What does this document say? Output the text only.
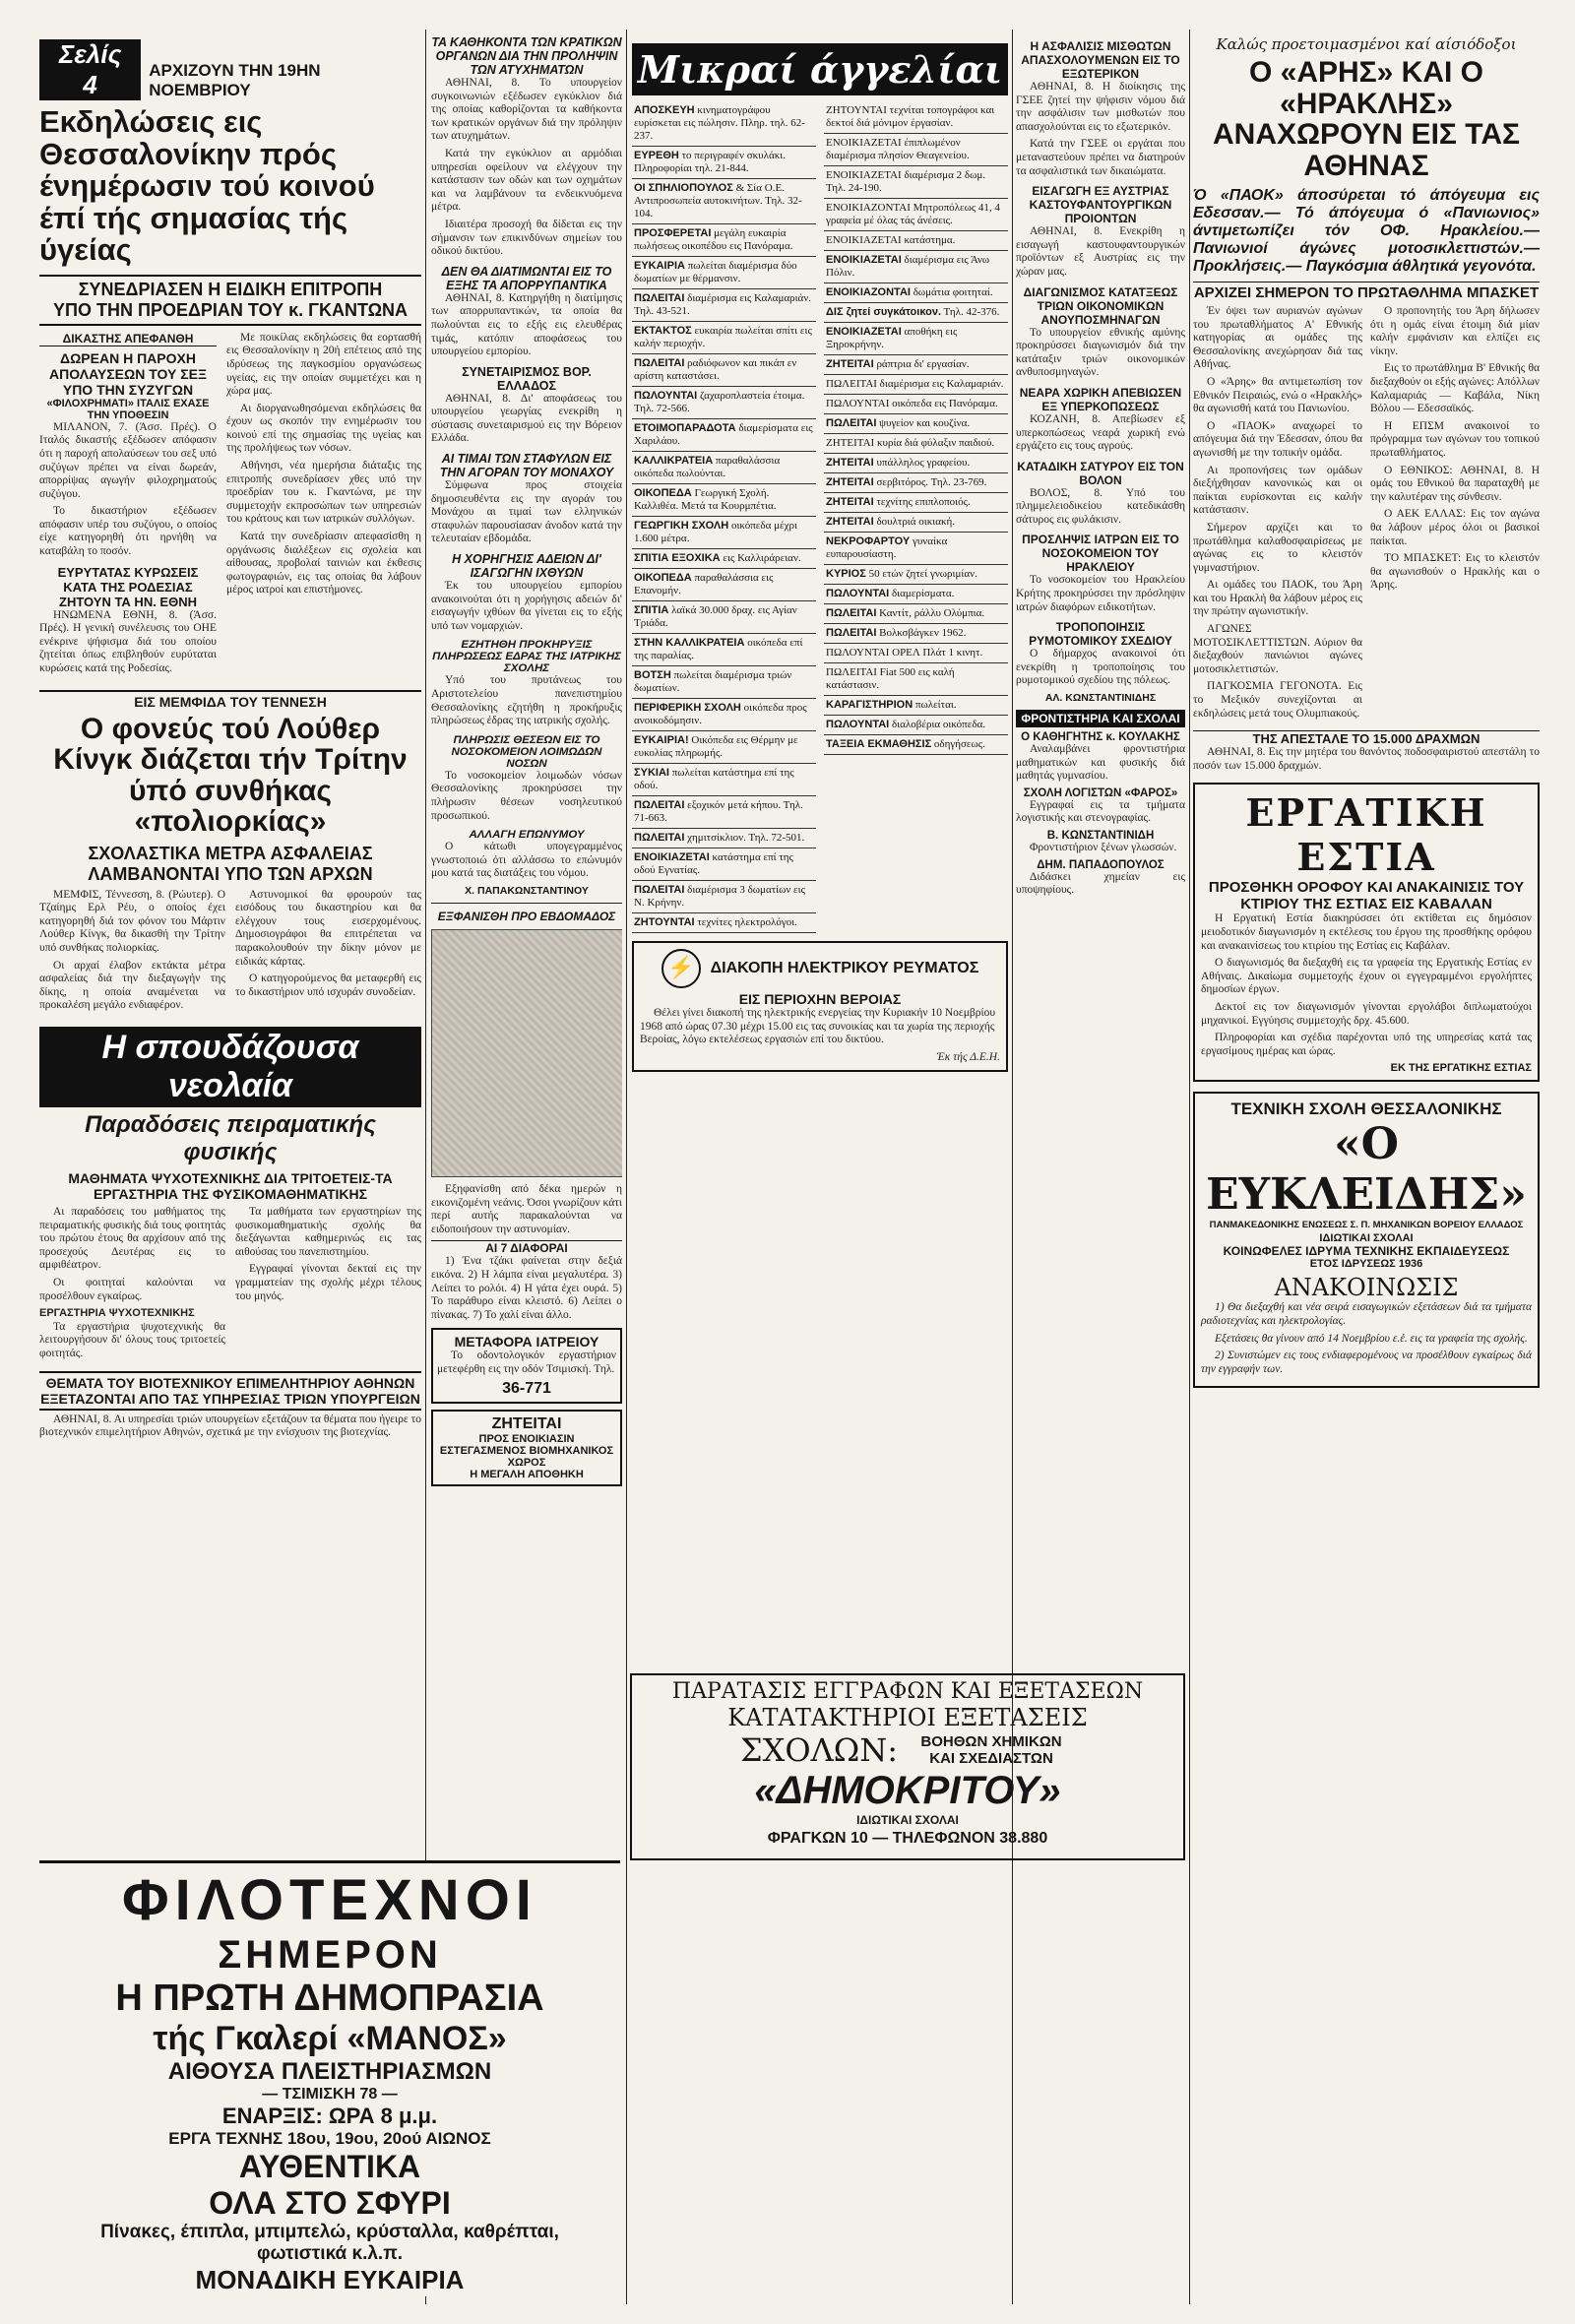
Σελίς 4	ΑΡΧΙΖΟΥΝ ΤΗΝ 19ΗΝ ΝΟΕΜΒΡΙΟΥ
Εκδηλώσεις εις Θεσσαλονίκην πρός ένημέρωσιν τού κοινού έπί τής σημασίας τής ύγείας
ΣΥΝΕΔΡΙΑΣΕΝ Η ΕΙΔΙΚΗ ΕΠΙΤΡΟΠΗ
ΥΠΟ ΤΗΝ ΠΡΟΕΔΡΙΑΝ ΤΟΥ κ. ΓΚΑΝΤΩΝΑ
ΔΙΚΑΣΤΗΣ ΑΠΕΦΑΝΘΗ
ΔΩΡΕΑΝ Η ΠΑΡΟΧΗ ΑΠΟΛΑΥΣΕΩΝ ΤΟΥ ΣΕΞ ΥΠΟ ΤΗΝ ΣΥΖΥΓΩΝ
«ΦΙΛΟΧΡΗΜΑΤΙ» ΙΤΑΛΙΣ ΕΧΑΣΕ ΤΗΝ ΥΠΟΘΕΣΙΝ

ΜΙΛΑΝΟΝ, 7. (Άσσ. Πρές). Ο Ιταλός δικαστής εξέδωσεν απόφασιν ότι η παροχή απολαύσεων του σεξ υπό συζύγων πρέπει να είναι δωρεάν, απορρίψας αγωγήν φιλοχρηματούς συζύγου.

Το δικαστήριον εξέδωσεν απόφασιν υπέρ του συζύγου, ο οποίος είχε κατηγορηθή ότι ηρνήθη να καταβάλη το ποσόν.

ΕΥΡΥΤΑΤΑΣ ΚΥΡΩΣΕΙΣ ΚΑΤΑ ΤΗΣ ΡΟΔΕΣΙΑΣ ΖΗΤΟΥΝ ΤΑ ΗΝ. ΕΘΝΗ

ΗΝΩΜΕΝΑ ΕΘΝΗ, 8. (Άσσ. Πρές). Η γενική συνέλευσις του ΟΗΕ ενέκρινε ψήφισμα διά του οποίου ζητείται όπως επιβληθούν ευρύταται κυρώσεις κατά της Ροδεσίας.

Με ποικίλας εκδηλώσεις θα εορτασθή εις Θεσσαλονίκην η 20ή επέτειος από της ιδρύσεως της παγκοσμίου οργανώσεως υγείας, εις την οποίαν συμμετέχει και η χώρα μας.

Αι διοργανωθησόμεναι εκδηλώσεις θα έχουν ως σκοπόν την ενημέρωσιν του κοινού επί της σημασίας της υγείας και της προλήψεως των νόσων.

Αθήνησι, νέα ημερήσια διάταξις της επιτροπής συνεδρίασεν χθες υπό την προεδρίαν του κ. Γκαντώνα, με την συμμετοχήν εκπροσώπων των υπηρεσιών του κράτους και των ιατρικών συλλόγων.

Κατά την συνεδρίασιν απεφασίσθη η οργάνωσις διαλέξεων εις σχολεία και αίθουσας, προβολαί ταινιών και έκθεσις φωτογραφιών, εις τας οποίας θα λάβουν μέρος ιατροί και επιστήμονες.

ΕΙΣ ΜΕΜΦΙΔΑ ΤΟΥ ΤΕΝΝΕΣΗ
Ο φονεύς τού Λούθερ Κίνγκ διάζεται τήν Τρίτην ύπό συνθήκας «πολιορκίας»
ΣΧΟΛΑΣΤΙΚΑ ΜΕΤΡΑ ΑΣΦΑΛΕΙΑΣ
ΛΑΜΒΑΝΟΝΤΑΙ ΥΠΟ ΤΩΝ ΑΡΧΩΝ

ΜΕΜΦΙΣ, Τέννεσση, 8. (Ρώυτερ). Ο Τζαίημς Ερλ Ρέυ, ο οποίος έχει κατηγορηθή διά τον φόνον του Μάρτιν Λούθερ Κίνγκ, θα δικασθή την Τρίτην υπό συνθήκας πολιορκίας.

Οι αρχαί έλαβον εκτάκτα μέτρα ασφαλείας διά την διεξαγωγήν της δίκης, η οποία αναμένεται να προκαλέση μεγάλο ενδιαφέρον.

Αστυνομικοί θα φρουρούν τας εισόδους του δικαστηρίου και θα ελέγχουν τους εισερχομένους. Δημοσιογράφοι θα επιτρέπεται να παρακολουθούν την δίκην μόνον με ειδικάς κάρτας.

Ο κατηγορούμενος θα μεταφερθή εις το δικαστήριον υπό ισχυράν συνοδείαν.

Η σπουδάζουσα νεολαία
Παραδόσεις πειραματικής φυσικής
ΜΑΘΗΜΑΤΑ ΨΥΧΟΤΕΧΝΙΚΗΣ ΔΙΑ ΤΡΙΤΟΕΤΕΙΣ-ΤΑ ΕΡΓΑΣΤΗΡΙΑ ΤΗΣ ΦΥΣΙΚΟΜΑΘΗΜΑΤΙΚΗΣ

Αι παραδόσεις του μαθήματος της πειραματικής φυσικής διά τους φοιτητάς του πρώτου έτους θα αρχίσουν από της προσεχούς Δευτέρας εις το αμφιθέατρον.

Οι φοιτηταί καλούνται να προσέλθουν εγκαίρως.

ΕΡΓΑΣΤΗΡΙΑ ΨΥΧΟΤΕΧΝΙΚΗΣ

Τα εργαστήρια ψυχοτεχνικής θα λειτουργήσουν δι' όλους τους τριτοετείς φοιτητάς.

Τα μαθήματα των εργαστηρίων της φυσικομαθηματικής σχολής θα διεξάγωνται καθημερινώς εις τας αιθούσας του πανεπιστημίου.

Εγγραφαί γίνονται δεκταί εις την γραμματείαν της σχολής μέχρι τέλους του μηνός.

ΘΕΜΑΤΑ ΤΟΥ ΒΙΟΤΕΧΝΙΚΟΥ ΕΠΙΜΕΛΗΤΗΡΙΟΥ ΑΘΗΝΩΝ ΕΞΕΤΑΖΟΝΤΑΙ ΑΠΟ ΤΑΣ ΥΠΗΡΕΣΙΑΣ ΤΡΙΩΝ ΥΠΟΥΡΓΕΙΩΝ

ΑΘΗΝΑΙ, 8. Αι υπηρεσίαι τριών υπουργείων εξετάζουν τα θέματα που ήγειρε το βιοτεχνικόν επιμελητήριον Αθηνών, σχετικά με την ενίσχυσιν της βιοτεχνίας.

ΦΙΛΟΤΕΧΝΟΙ
ΣΗΜΕΡΟΝ
Η ΠΡΩΤΗ ΔΗΜΟΠΡΑΣΙΑ
τής Γκαλερί «ΜΑΝΟΣ»
ΑΙΘΟΥΣΑ ΠΛΕΙΣΤΗΡΙΑΣΜΩΝ
— ΤΣΙΜΙΣΚΗ 78 —
ΕΝΑΡΞΙΣ: ΩΡΑ 8 μ.μ.
ΕΡΓΑ ΤΕΧΝΗΣ 18ου, 19ου, 20ού ΑΙΩΝΟΣ
ΑΥΘΕΝΤΙΚΑ
ΟΛΑ ΣΤΟ ΣΦΥΡΙ
Πίνακες, έπιπλα, μπιμπελώ, κρύσταλλα, καθρέπται, φωτιστικά κ.λ.π.
ΜΟΝΑΔΙΚΗ ΕΥΚΑΙΡΙΑ
ΤΑ ΚΑΘΗΚΟΝΤΑ ΤΩΝ ΚΡΑΤΙΚΩΝ ΟΡΓΑΝΩΝ ΔΙΑ ΤΗΝ ΠΡΟΛΗΨΙΝ ΤΩΝ ΑΤΥΧΗΜΑΤΩΝ

ΑΘΗΝΑΙ, 8. Το υπουργείον συγκοινωνιών εξέδωσεν εγκύκλιον διά της οποίας καθορίζονται τα καθήκοντα των κρατικών οργάνων διά την πρόληψιν των ατυχημάτων.

Κατά την εγκύκλιον αι αρμόδιαι υπηρεσίαι οφείλουν να ελέγχουν την κατάστασιν των οδών και των οχημάτων και να λαμβάνουν τα ενδεικνυόμενα μέτρα.

Ιδιαιτέρα προσοχή θα δίδεται εις την σήμανσιν των επικινδύνων σημείων του οδικού δικτύου.

ΔΕΝ ΘΑ ΔΙΑΤΙΜΩΝΤΑΙ ΕΙΣ ΤΟ ΕΞΗΣ ΤΑ ΑΠΟΡΡΥΠΑΝΤΙΚΑ

ΑΘΗΝΑΙ, 8. Κατηργήθη η διατίμησις των απορρυπαντικών, τα οποία θα πωλούνται εις το εξής εις ελευθέρας τιμάς, κατόπιν αποφάσεως του υπουργείου εμπορίου.

ΣΥΝΕΤΑΙΡΙΣΜΟΣ ΒΟΡ. ΕΛΛΑΔΟΣ

ΑΘΗΝΑΙ, 8. Δι' αποφάσεως του υπουργείου γεωργίας ενεκρίθη η σύστασις συνεταιρισμού εις την Βόρειον Ελλάδα.

ΑΙ ΤΙΜΑΙ ΤΩΝ ΣΤΑΦΥΛΩΝ ΕΙΣ ΤΗΝ ΑΓΟΡΑΝ ΤΟΥ ΜΟΝΑΧΟΥ

Σύμφωνα προς στοιχεία δημοσιευθέντα εις την αγοράν του Μονάχου αι τιμαί των ελληνικών σταφυλών παρουσίασαν άνοδον κατά την τελευταίαν εβδομάδα.

Η ΧΟΡΗΓΗΣΙΣ ΑΔΕΙΩΝ ΔΙ' ΙΣΑΓΩΓΗΝ ΙΧΘΥΩΝ

Έκ του υπουργείου εμπορίου ανακοινούται ότι η χορήγησις αδειών δι' εισαγωγήν ιχθύων θα γίνεται εις το εξής υπό των νομαρχιών.

ΕΖΗΤΗΘΗ ΠΡΟΚΗΡΥΞΙΣ ΠΛΗΡΩΣΕΩΣ ΕΔΡΑΣ ΤΗΣ ΙΑΤΡΙΚΗΣ ΣΧΟΛΗΣ

Υπό του πρυτάνεως του Αριστοτελείου πανεπιστημίου Θεσσαλονίκης εζητήθη η προκήρυξις πληρώσεως έδρας της ιατρικής σχολής.

ΠΛΗΡΩΣΙΣ ΘΕΣΕΩΝ ΕΙΣ ΤΟ ΝΟΣΟΚΟΜΕΙΟΝ ΛΟΙΜΩΔΩΝ ΝΟΣΩΝ

Το νοσοκομείον λοιμωδών νόσων Θεσσαλονίκης προκηρύσσει την πλήρωσιν θέσεων νοσηλευτικού προσωπικού.

ΑΛΛΑΓΗ ΕΠΩΝΥΜΟΥ

Ο κάτωθι υπογεγραμμένος γνωστοποιώ ότι αλλάσσω το επώνυμόν μου κατά τας διατάξεις του νόμου.

Χ. ΠΑΠΑΚΩΝΣΤΑΝΤΙΝΟΥ
ΕΞΦΑΝΙΣΘΗ ΠΡΟ ΕΒΔΟΜΑΔΟΣ

Εξηφανίσθη από δέκα ημερών η εικονιζομένη νεάνις. Όσοι γνωρίζουν κάτι περί αυτής παρακαλούνται να ειδοποιήσουν την αστυνομίαν.

ΑΙ 7 ΔΙΑΦΟΡΑΙ

1) Ένα τζάκι φαίνεται στην δεξιά εικόνα. 2) Η λάμπα είναι μεγαλυτέρα. 3) Λείπει το ρολόι. 4) Η γάτα έχει ουρά. 5) Το παράθυρο είναι κλειστό. 6) Λείπει ο πίνακας. 7) Το χαλί είναι άλλο.

ΜΕΤΑΦΟΡΑ ΙΑΤΡΕΙΟΥ

Το οδοντολογικόν εργαστήριον μετεφέρθη εις την οδόν Τσιμισκή. Τηλ.

36-771
ΖΗΤΕΙΤΑΙ
ΠΡΟΣ ΕΝΟΙΚΙΑΣΙΝ ΕΣΤΕΓΑΣΜΕΝΟΣ ΒΙΟΜΗΧΑΝΙΚΟΣ ΧΩΡΟΣ
Η ΜΕΓΑΛΗ ΑΠΟΘΗΚΗ
Μικραί άγγελίαι
ΑΠΟΣΚΕΥΗ κινηματογράφου ευρίσκεται εις πώλησιν. Πληρ. τηλ. 62-237.
ΕΥΡΕΘΗ το περιγραφέν σκυλάκι. Πληροφορίαι τηλ. 21-844.
ΟΙ ΣΠΗΛΙΟΠΟΥΛΟΣ & Σία Ο.Ε. Αντιπροσωπεία αυτοκινήτων. Τηλ. 32-104.
ΠΡΟΣΦΕΡΕΤΑΙ μεγάλη ευκαιρία πωλήσεως οικοπέδου εις Πανόραμα.
ΕΥΚΑΙΡΙΑ πωλείται διαμέρισμα δύο δωματίων με θέρμανσιν.
ΠΩΛΕΙΤΑΙ διαμέρισμα εις Καλαμαριάν. Τηλ. 43-521.
ΕΚΤΑΚΤΟΣ ευκαιρία πωλείται σπίτι εις καλήν περιοχήν.
ΠΩΛΕΙΤΑΙ ραδιόφωνον και πικάπ εν αρίστη καταστάσει.
ΠΩΛΟΥΝΤΑΙ ζαχαροπλαστεία έτοιμα. Τηλ. 72-566.
ΕΤΟΙΜΟΠΑΡΑΔΟΤΑ διαμερίσματα εις Χαριλάου.
ΚΑΛΛΙΚΡΑΤΕΙΑ παραθαλάσσια οικόπεδα πωλούνται.
ΟΙΚΟΠΕΔΑ Γεωργική Σχολή. Καλλιθέα. Μετά τα Κουρμπέτια.
ΓΕΩΡΓΙΚΗ ΣΧΟΛΗ οικόπεδα μέχρι 1.600 μέτρα.
ΣΠΙΤΙΑ ΕΞΟΧΙΚΑ εις Καλλιράρειαν.
ΟΙΚΟΠΕΔΑ παραθαλάσσια εις Επανομήν.
ΣΠΙΤΙΑ λαϊκά 30.000 δραχ. εις Αγίαν Τριάδα.
ΣΤΗΝ ΚΑΛΛΙΚΡΑΤΕΙΑ οικόπεδα επί της παραλίας.
ΒΟΤΣΗ πωλείται διαμέρισμα τριών δωματίων.
ΠΕΡΙΦΕΡΙΚΗ ΣΧΟΛΗ οικόπεδα προς ανοικοδόμησιν.
ΕΥΚΑΙΡΙΑ! Οικόπεδα εις Θέρμην με ευκολίας πληρωμής.
ΣΥΚΙΑΙ πωλείται κατάστημα επί της οδού.
ΠΩΛΕΙΤΑΙ εξοχικόν μετά κήπου. Τηλ. 71-663.
ΠΩΛΕΙΤΑΙ χημιτσίκλιον. Τηλ. 72-501.
ΕΝΟΙΚΙΑΖΕΤΑΙ κατάστημα επί της οδού Εγνατίας.
ΠΩΛΕΙΤΑΙ διαμέρισμα 3 δωματίων εις Ν. Κρήνην.
ΖΗΤΟΥΝΤΑΙ τεχνίτες ηλεκτρολόγοι.
ΖΗΤΟΥΝΤΑΙ τεχνίται τοπογράφοι και δεκτοί διά μόνιμον έργασίαν.
ΕΝΟΙΚΙΑΖΕΤΑΙ έπιπλωμένον διαμέρισμα πλησίον Θεαγενείου.
ΕΝΟΙΚΙΑΖΕΤΑΙ διαμέρισμα 2 δωμ. Τηλ. 24-190.
ΕΝΟΙΚΙΑΖΟΝΤΑΙ Μητροπόλεως 41, 4 γραφεία μέ όλας τάς άνέσεις.
ΕΝΟΙΚΙΑΖΕΤΑΙ κατάστημα.
ΕΝΟΙΚΙΑΖΕΤΑΙ διαμέρισμα εις Άνω Πόλιν.
ΕΝΟΙΚΙΑΖΟΝΤΑΙ δωμάτια φοιτηταί.
ΔΙΣ ζητεί συγκάτοικον. Τηλ. 42-376.
ΕΝΟΙΚΙΑΖΕΤΑΙ αποθήκη εις Ξηροκρήνην.
ΖΗΤΕΙΤΑΙ ράπτρια δι' εργασίαν.
ΠΩΛΕΙΤΑΙ διαμέρισμα εις Καλαμαριάν.
ΠΩΛΟΥΝΤΑΙ οικόπεδα εις Πανόραμα.
ΠΩΛΕΙΤΑΙ ψυγείον και κουζίνα.
ΖΗΤΕΙΤΑΙ κυρία διά φύλαξιν παιδιού.
ΖΗΤΕΙΤΑΙ υπάλληλος γραφείου.
ΖΗΤΕΙΤΑΙ σερβιτόρος. Τηλ. 23-769.
ΖΗΤΕΙΤΑΙ τεχνίτης επιπλοποιός.
ΖΗΤΕΙΤΑΙ δουλτριά οικιακή.
ΝΕΚΡΟΦΑΡΤΟΥ γυναίκα ευπαρουσίαστη.
ΚΥΡΙΟΣ 50 ετών ζητεί γνωριμίαν.
ΠΩΛΟΥΝΤΑΙ διαμερίσματα.
ΠΩΛΕΙΤΑΙ Καντίτ, ράλλυ Ολύμπια.
ΠΩΛΕΙΤΑΙ Βολκσβάγκεν 1962.
ΠΩΛΟΥΝΤΑΙ ΟΡΕΛ Πλάτ 1 κινητ.
ΠΩΛΕΙΤΑΙ Fiat 500 εις καλή κατάστασιν.
ΚΑΡΑΓΙΣΤΗΡΙΟΝ πωλείται.
ΠΩΛΟΥΝΤΑΙ διαλοβέρια οικόπεδα.
ΤΑΞΕΙΑ ΕΚΜΑΘΗΣΙΣ οδηγήσεως.
⚡	ΔΙΑΚΟΠΗ ΗΛΕΚΤΡΙΚΟΥ ΡΕΥΜΑΤΟΣ
ΕΙΣ ΠΕΡΙΟΧΗΝ ΒΕΡΟΙΑΣ

Θέλει γίνει διακοπή της ηλεκτρικής ενεργείας την Κυριακήν 10 Νοεμβρίου 1968 από ώρας 07.30 μέχρι 15.00 εις τας συνοικίας και τα χωρία της περιοχής Βεροίας, λόγω εκτελέσεως εργασιών επί του δικτύου.

Έκ τής Δ.Ε.Η.
ΠΑΡΑΤΑΣΙΣ ΕΓΓΡΑΦΩΝ ΚΑΙ ΕΞΕΤΑΣΕΩΝ
ΚΑΤΑΤΑΚΤΗΡΙΟΙ ΕΞΕΤΑΣΕΙΣ
ΣΧΟΛΩΝ:	ΒΟΗΘΩΝ ΧΗΜΙΚΩΝ ΚΑΙ ΣΧΕΔΙΑΣΤΩΝ
«ΔΗΜΟΚΡΙΤΟΥ»
ΙΔΙΩΤΙΚΑΙ ΣΧΟΛΑΙ
ΦΡΑΓΚΩΝ 10 — ΤΗΛΕΦΩΝΟΝ 38.880
Η ΑΣΦΑΛΙΣΙΣ ΜΙΣΘΩΤΩΝ ΑΠΑΣΧΟΛΟΥΜΕΝΩΝ ΕΙΣ ΤΟ ΕΞΩΤΕΡΙΚΟΝ

ΑΘΗΝΑΙ, 8. Η διοίκησις της ΓΣΕΕ ζητεί την ψήφισιν νόμου διά την ασφάλισιν των μισθωτών που απασχολούνται εις το εξωτερικόν.

Κατά την ΓΣΕΕ οι εργάται που μεταναστεύουν πρέπει να διατηρούν τα ασφαλιστικά των δικαιώματα.

ΕΙΣΑΓΩΓΗ ΕΞ ΑΥΣΤΡΙΑΣ ΚΑΣΤΟΥΦΑΝΤΟΥΡΓΙΚΩΝ ΠΡΟΙΟΝΤΩΝ

ΑΘΗΝΑΙ, 8. Ενεκρίθη η εισαγωγή καστουφαντουργικών προϊόντων εξ Αυστρίας εις την χώραν μας.

ΔΙΑΓΩΝΙΣΜΟΣ ΚΑΤΑΤΞΕΩΣ ΤΡΙΩΝ ΟΙΚΟΝΟΜΙΚΩΝ ΑΝΟΥΠΟΣΜΗΝΑΓΩΝ

Το υπουργείον εθνικής αμύνης προκηρύσσει διαγωνισμόν διά την κατάταξιν τριών οικονομικών ανθυποσμηναγών.

ΝΕΑΡΑ ΧΩΡΙΚΗ ΑΠΕΒΙΩΣΕΝ ΕΞ ΥΠΕΡΚΟΠΩΣΕΩΣ

ΚΟΖΑΝΗ, 8. Απεβίωσεν εξ υπερκοπώσεως νεαρά χωρική ενώ εργάζετο εις τους αγρούς.

ΚΑΤΑΔΙΚΗ ΣΑΤΥΡΟΥ ΕΙΣ ΤΟΝ ΒΟΛΟΝ

ΒΟΛΟΣ, 8. Υπό του πλημμελειοδικείου κατεδικάσθη σάτυρος εις φυλάκισιν.

ΠΡΟΣΛΗΨΙΣ ΙΑΤΡΩΝ ΕΙΣ ΤΟ ΝΟΣΟΚΟΜΕΙΟΝ ΤΟΥ ΗΡΑΚΛΕΙΟΥ

Το νοσοκομείον του Ηρακλείου Κρήτης προκηρύσσει την πρόσληψιν ιατρών διαφόρων ειδικοτήτων.

ΤΡΟΠΟΠΟΙΗΣΙΣ ΡΥΜΟΤΟΜΙΚΟΥ ΣΧΕΔΙΟΥ

Ο δήμαρχος ανακοινοί ότι ενεκρίθη η τροποποίησις του ρυμοτομικού σχεδίου της πόλεως.

ΑΛ. ΚΩΝΣΤΑΝΤΙΝΙΔΗΣ
ΦΡΟΝΤΙΣΤΗΡΙΑ ΚΑΙ ΣΧΟΛΑΙ
Ο ΚΑΘΗΓΗΤΗΣ κ. ΚΟΥΛΑΚΗΣ

Αναλαμβάνει φροντιστήρια μαθηματικών και φυσικής διά μαθητάς γυμνασίου.

ΣΧΟΛΗ ΛΟΓΙΣΤΩΝ «ΦΑΡΟΣ»

Εγγραφαί εις τα τμήματα λογιστικής και στενογραφίας.

Β. ΚΩΝΣΤΑΝΤΙΝΙΔΗ

Φροντιστήριον ξένων γλωσσών.

ΔΗΜ. ΠΑΠΑΔΟΠΟΥΛΟΣ

Διδάσκει χημείαν εις υποψηφίους.

Καλώς προετοιμασμένοι καί αίσιόδοξοι
Ο «ΑΡΗΣ» ΚΑΙ Ο «ΗΡΑΚΛΗΣ» ΑΝΑΧΩΡΟΥΝ ΕΙΣ ΤΑΣ ΑΘΗΝΑΣ
Ό «ΠΑΟΚ» άποσύρεται τό άπόγευμα εις Εδεσσαν.— Τό άπόγευμα ό «Πανιωνιος» άντιμετωπίζει τόν ΟΦ. Ηρακλείου.— Πανιωνιοί άγώνες μοτοσικλεττιστών.— Προκλήσεις.— Παγκόσμια άθλητικά γεγονότα.
ΑΡΧΙΖΕΙ ΣΗΜΕΡΟΝ ΤΟ ΠΡΩΤΑΘΛΗΜΑ ΜΠΑΣΚΕΤ

Έν όψει των αυριανών αγώνων του πρωταθλήματος Α' Εθνικής κατηγορίας αι ομάδες της Θεσσαλονίκης ανεχώρησαν διά τας Αθήνας.

Ο «Άρης» θα αντιμετωπίση τον Εθνικόν Πειραιώς, ενώ ο «Ηρακλής» θα αγωνισθή κατά του Πανιωνίου.

Ο «ΠΑΟΚ» αναχωρεί το απόγευμα διά την Έδεσσαν, όπου θα αγωνισθή με την τοπικήν ομάδα.

Αι προπονήσεις των ομάδων διεξήχθησαν κανονικώς και οι παίκται ευρίσκονται εις καλήν κατάστασιν.

Σήμερον αρχίζει και το πρωτάθλημα καλαθοσφαιρίσεως με αγώνας εις το κλειστόν γυμναστήριον.

Αι ομάδες του ΠΑΟΚ, του Άρη και του Ηρακλή θα λάβουν μέρος εις την πρώτην αγωνιστικήν.

ΑΓΩΝΕΣ ΜΟΤΟΣΙΚΛΕΤΤΙΣΤΩΝ. Αύριον θα διεξαχθούν πανιώνιοι αγώνες μοτοσικλεττιστών.

ΠΑΓΚΟΣΜΙΑ ΓΕΓΟΝΟΤΑ. Εις το Μεξικόν συνεχίζονται αι εκδηλώσεις μετά τους Ολυμπιακούς.

Ο προπονητής του Άρη δήλωσεν ότι η ομάς είναι έτοιμη διά μίαν καλήν εμφάνισιν και ελπίζει εις νίκην.

Εις το πρωτάθλημα Β' Εθνικής θα διεξαχθούν οι εξής αγώνες: Απόλλων Καλαμαριάς — Καβάλα, Νίκη Βόλου — Εδεσσαϊκός.

Η ΕΠΣΜ ανακοινοί το πρόγραμμα των αγώνων του τοπικού πρωταθλήματος.

Ο ΕΘΝΙΚΟΣ: ΑΘΗΝΑΙ, 8. Η ομάς του Εθνικού θα παραταχθή με την καλυτέραν της σύνθεσιν.

Ο ΑΕΚ ΕΛΛΑΣ: Εις τον αγώνα θα λάβουν μέρος όλοι οι βασικοί παίκται.

ΤΟ ΜΠΑΣΚΕΤ: Εις το κλειστόν θα αγωνισθούν ο Ηρακλής και ο Άρης.

ΤΗΣ ΑΠΕΣΤΑΛΕ ΤΟ 15.000 ΔΡΑΧΜΩΝ

ΑΘΗΝΑΙ, 8. Εις την μητέρα του θανόντος ποδοσφαιριστού απεστάλη το ποσόν των 15.000 δραχμών.

ΕΡΓΑΤΙΚΗ ΕΣΤΙΑ
ΠΡΟΣΘΗΚΗ ΟΡΟΦΟΥ ΚΑΙ ΑΝΑΚΑΙΝΙΣΙΣ ΤΟΥ ΚΤΙΡΙΟΥ ΤΗΣ ΕΣΤΙΑΣ ΕΙΣ ΚΑΒΑΛΑΝ

Η Εργατική Εστία διακηρύσσει ότι εκτίθεται εις δημόσιον μειοδοτικόν διαγωνισμόν η εκτέλεσις του έργου της προσθήκης ορόφου και ανακαινίσεως του κτιρίου της Εστίας εις Καβάλαν.

Ο διαγωνισμός θα διεξαχθή εις τα γραφεία της Εργατικής Εστίας εν Αθήναις. Δικαίωμα συμμετοχής έχουν οι εγγεγραμμένοι εργολήπτες δημοσίων έργων.

Δεκτοί εις τον διαγωνισμόν γίνονται εργολάβοι διπλωματούχοι μηχανικοί. Εγγύησις συμμετοχής δρχ. 45.600.

Πληροφορίαι και σχέδια παρέχονται υπό της υπηρεσίας κατά τας εργασίμους ημέρας και ώρας.

ΕΚ ΤΗΣ ΕΡΓΑΤΙΚΗΣ ΕΣΤΙΑΣ
ΤΕΧΝΙΚΗ ΣΧΟΛΗ ΘΕΣΣΑΛΟΝΙΚΗΣ
«Ο ΕΥΚΛΕΙΔΗΣ»
ΠΑΝΜΑΚΕΔΟΝΙΚΗΣ ΕΝΩΣΕΩΣ Σ. Π. ΜΗΧΑΝΙΚΩΝ ΒΟΡΕΙΟΥ ΕΛΛΑΔΟΣ
ΙΔΙΩΤΙΚΑΙ ΣΧΟΛΑΙ
ΚΟΙΝΩΦΕΛΕΣ ΙΔΡΥΜΑ ΤΕΧΝΙΚΗΣ ΕΚΠΑΙΔΕΥΣΕΩΣ
ΕΤΟΣ ΙΔΡΥΣΕΩΣ 1936
ΑΝΑΚΟΙΝΩΣΙΣ

1) Θα διεξαχθή και νέα σειρά εισαγωγικών εξετάσεων διά τα τμήματα ραδιοτεχνίας και ηλεκτρολογίας.

Εξετάσεις θα γίνουν από 14 Νοεμβρίου ε.έ. εις τα γραφεία της σχολής.

2) Συνιστώμεν εις τους ενδιαφερομένους να προσέλθουν εγκαίρως διά την εγγραφήν των.
